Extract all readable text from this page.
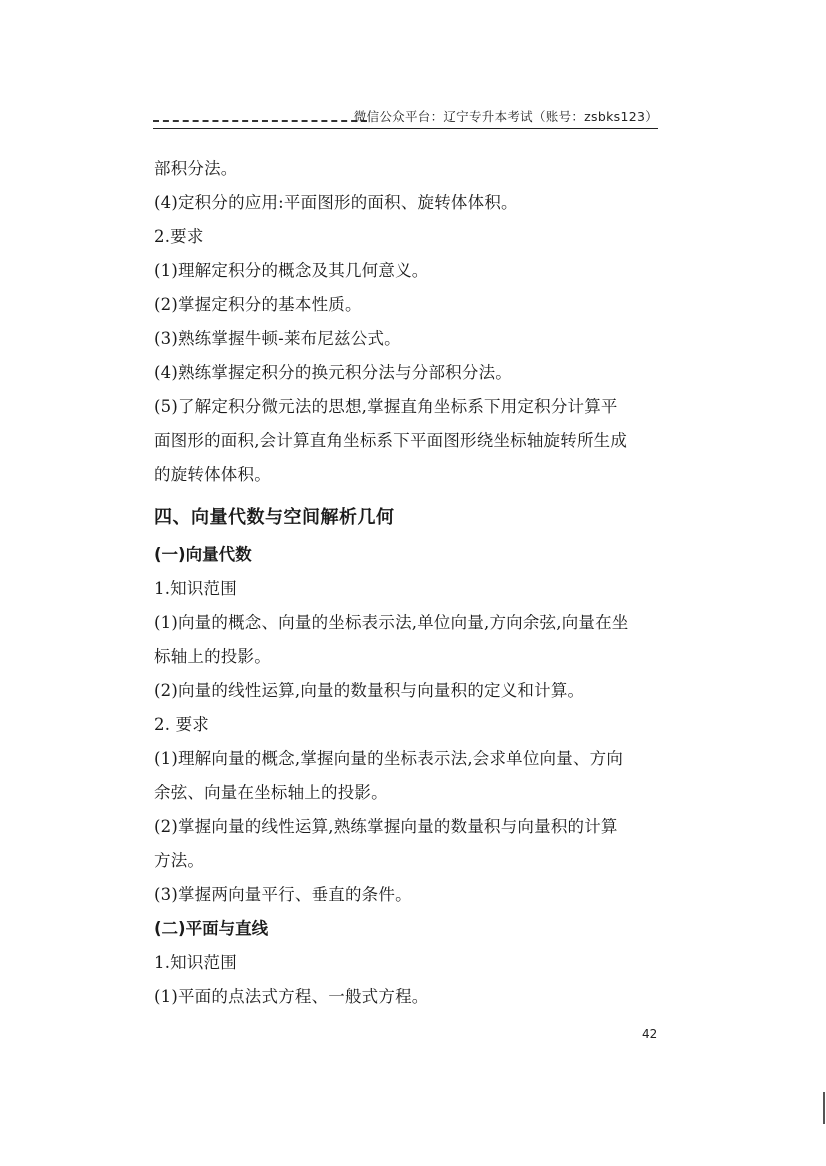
微信公众平台：辽宁专升本考试（账号：zsbks123）
部积分法。
(4)定积分的应用:平面图形的面积、旋转体体积。
2.要求
(1)理解定积分的概念及其几何意义。
(2)掌握定积分的基本性质。
(3)熟练掌握牛顿-莱布尼兹公式。
(4)熟练掌握定积分的换元积分法与分部积分法。
(5)了解定积分微元法的思想,掌握直角坐标系下用定积分计算平
面图形的面积,会计算直角坐标系下平面图形绕坐标轴旋转所生成
的旋转体体积。
四、向量代数与空间解析几何
(一)向量代数
1.知识范围
(1)向量的概念、向量的坐标表示法,单位向量,方向余弦,向量在坐
标轴上的投影。
(2)向量的线性运算,向量的数量积与向量积的定义和计算。
2. 要求
(1)理解向量的概念,掌握向量的坐标表示法,会求单位向量、方向
余弦、向量在坐标轴上的投影。
(2)掌握向量的线性运算,熟练掌握向量的数量积与向量积的计算
方法。
(3)掌握两向量平行、垂直的条件。
(二)平面与直线
1.知识范围
(1)平面的点法式方程、一般式方程。
42
